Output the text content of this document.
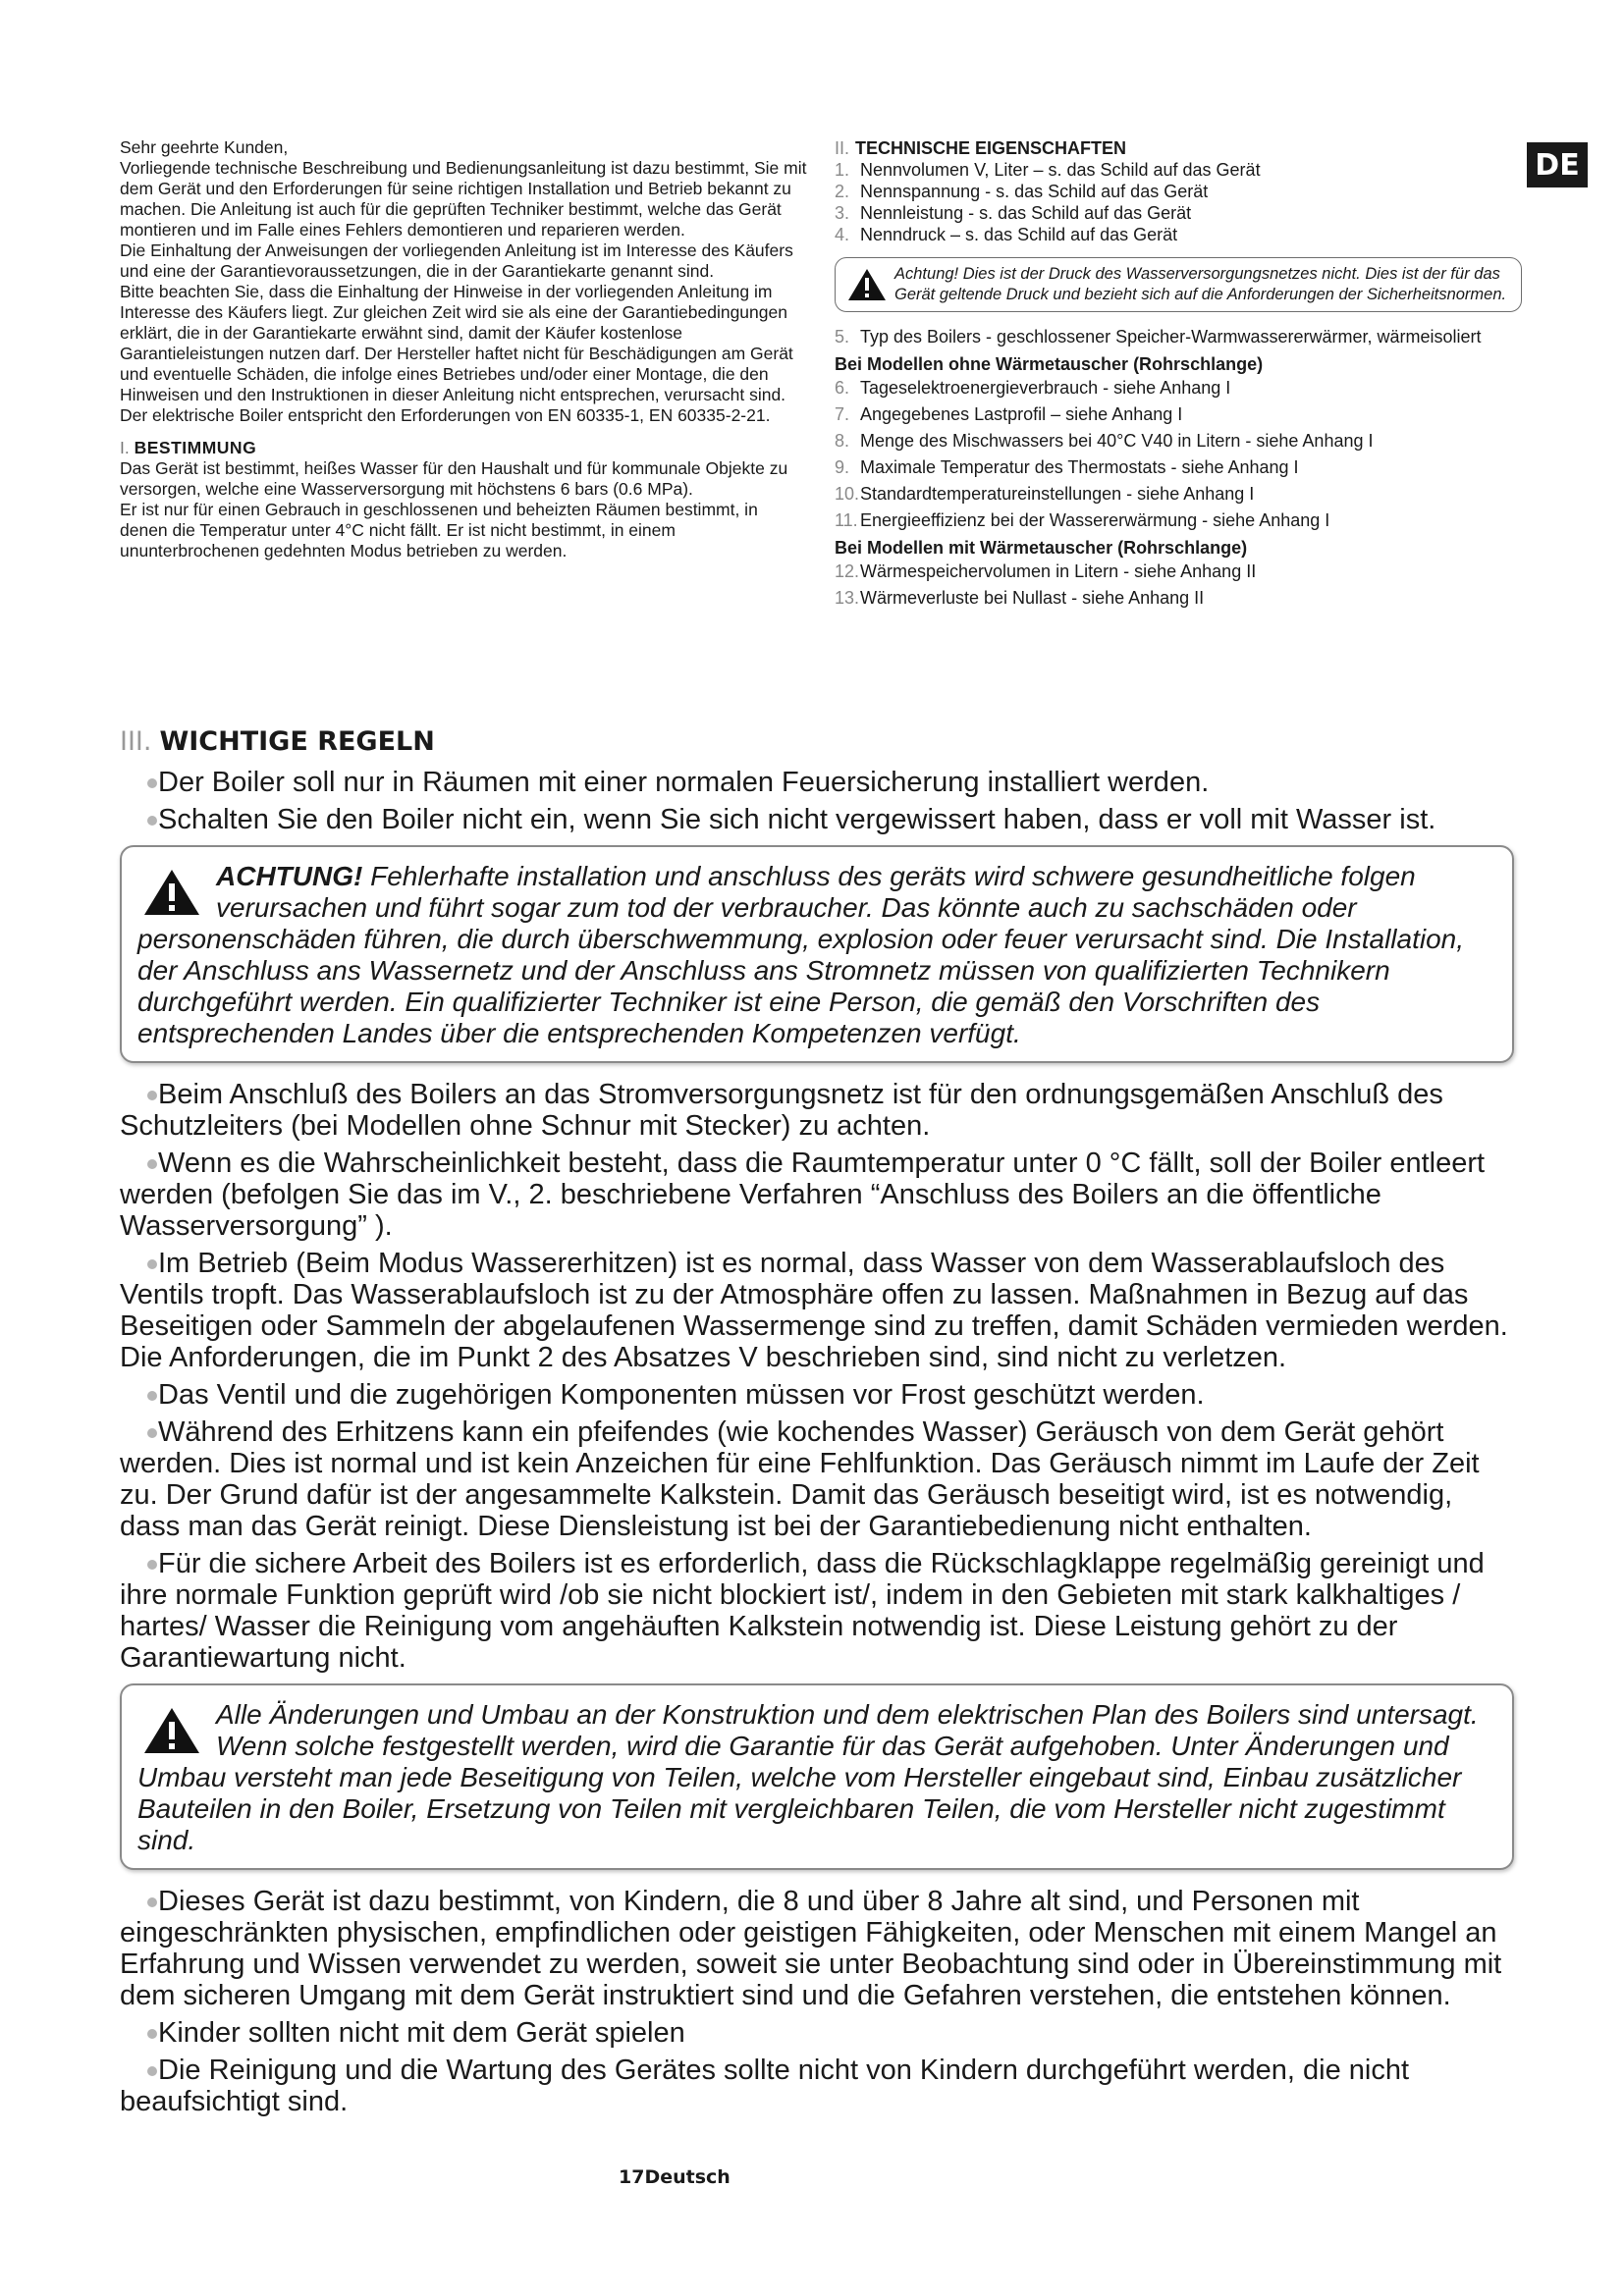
DE

Sehr geehrte Kunden,

Vorliegende technische Beschreibung und Bedienungsanleitung ist dazu bestimmt, Sie mit dem Gerät und den Erforderungen für seine richtigen Installation und Betrieb bekannt zu machen. Die Anleitung ist auch für die geprüften Techniker bestimmt, welche das Gerät montieren und im Falle eines Fehlers demontieren und reparieren werden.

Die Einhaltung der Anweisungen der vorliegenden Anleitung ist im Interesse des Käufers und eine der Garantievoraussetzungen, die in der Garantiekarte genannt sind.

Bitte beachten Sie, dass die Einhaltung der Hinweise in der vorliegenden Anleitung im Interesse des Käufers liegt. Zur gleichen Zeit wird sie als eine der Garantiebedingungen erklärt, die in der Garantiekarte erwähnt sind, damit der Käufer kostenlose Garantieleistungen nutzen darf. Der Hersteller haftet nicht für Beschädigungen am Gerät und eventuelle Schäden, die infolge eines Betriebes und/oder einer Montage, die den Hinweisen und den Instruktionen in dieser Anleitung nicht entsprechen, verursacht sind.

Der elektrische Boiler entspricht den Erforderungen von EN 60335-1, EN 60335-2-21.

I. BESTIMMUNG

Das Gerät ist bestimmt, heißes Wasser für den Haushalt und für kommunale Objekte zu versorgen, welche eine Wasserversorgung mit höchstens 6 bars (0.6 MPa).

Er ist nur für einen Gebrauch in geschlossenen und beheizten Räumen bestimmt, in denen die Temperatur unter 4°C nicht fällt. Er ist nicht bestimmt, in einem ununterbrochenen gedehnten Modus betrieben zu werden.

II. TECHNISCHE EIGENSCHAFTEN

1. Nennvolumen V, Liter – s. das Schild auf das Gerät

2. Nennspannung - s. das Schild auf das Gerät

3. Nennleistung - s. das Schild auf das Gerät

4. Nenndruck – s. das Schild auf das Gerät

Achtung! Dies ist der Druck des Wasserversorgungsnetzes nicht. Dies ist der für das Gerät geltende Druck und bezieht sich auf die Anforderungen der Sicherheitsnormen.

5. Typ des Boilers - geschlossener Speicher-Warmwassererwärmer, wärmeisoliert

Bei Modellen ohne Wärmetauscher (Rohrschlange)

6. Tageselektroenergieverbrauch - siehe Anhang I

7. Angegebenes Lastprofil – siehe Anhang I

8. Menge des Mischwassers bei 40°C V40 in Litern - siehe Anhang I

9. Maximale Temperatur des Thermostats - siehe Anhang I

10.Standardtemperatureinstellungen - siehe Anhang I

11. Energieeffizienz bei der Wassererwärmung - siehe Anhang I

Bei Modellen mit Wärmetauscher (Rohrschlange)

12.Wärmespeichervolumen in Litern - siehe Anhang II

13.Wärmeverluste bei Nullast - siehe Anhang II

III. WICHTIGE REGELN

Der Boiler soll nur in Räumen mit einer normalen Feuersicherung installiert werden.

Schalten Sie den Boiler nicht ein, wenn Sie sich nicht vergewissert haben, dass er voll mit Wasser ist.

ACHTUNG! Fehlerhafte installation und anschluss des geräts wird schwere gesundheitliche folgen verursachen und führt sogar zum tod der verbraucher. Das könnte auch zu sachschäden oder personenschäden führen, die durch überschwemmung, explosion oder feuer verursacht sind. Die Installation, der Anschluss ans Wassernetz und der Anschluss ans Stromnetz müssen von qualifizierten Technikern durchgeführt werden. Ein qualifizierter Techniker ist eine Person, die gemäß den Vorschriften des entsprechenden Landes über die entsprechenden Kompetenzen verfügt.

Beim Anschluß des Boilers an das Stromversorgungsnetz ist für den ordnungsgemäßen Anschluß des Schutzleiters (bei Modellen ohne Schnur mit Stecker) zu achten.

Wenn es die Wahrscheinlichkeit besteht, dass die Raumtemperatur unter 0 °C fällt, soll der Boiler entleert werden (befolgen Sie das im V., 2. beschriebene Verfahren “Anschluss des Boilers an die öffentliche Wasserversorgung” ).

Im Betrieb (Beim Modus Wassererhitzen) ist es normal, dass Wasser von dem Wasserablaufsloch des Ventils tropft. Das Wasserablaufsloch ist zu der Atmosphäre offen zu lassen. Maßnahmen in Bezug auf das Beseitigen oder Sammeln der abgelaufenen Wassermenge sind zu treffen, damit Schäden vermieden werden. Die Anforderungen, die im Punkt 2 des Absatzes V beschrieben sind, sind nicht zu verletzen.

Das Ventil und die zugehörigen Komponenten müssen vor Frost geschützt werden.

Während des Erhitzens kann ein pfeifendes (wie kochendes Wasser) Geräusch von dem Gerät gehört werden. Dies ist normal und ist kein Anzeichen für eine Fehlfunktion. Das Geräusch nimmt im Laufe der Zeit zu. Der Grund dafür ist der angesammelte Kalkstein. Damit das Geräusch beseitigt wird, ist es notwendig, dass man das Gerät reinigt. Diese Diensleistung ist bei der Garantiebedienung nicht enthalten.

Für die sichere Arbeit des Boilers ist es erforderlich, dass die Rückschlagklappe regelmäßig gereinigt und ihre normale Funktion geprüft wird /ob sie nicht blockiert ist/, indem in den Gebieten mit stark kalkhaltiges / hartes/ Wasser die Reinigung vom angehäuften Kalkstein notwendig ist. Diese Leistung gehört zu der Garantiewartung nicht.

Alle Änderungen und Umbau an der Konstruktion und dem elektrischen Plan des Boilers sind untersagt. Wenn solche festgestellt werden, wird die Garantie für das Gerät aufgehoben. Unter Änderungen und Umbau versteht man jede Beseitigung von Teilen, welche vom Hersteller eingebaut sind, Einbau zusätzlicher Bauteilen in den Boiler, Ersetzung von Teilen mit vergleichbaren Teilen, die vom Hersteller nicht zugestimmt sind.

Dieses Gerät ist dazu bestimmt, von Kindern, die 8 und über 8 Jahre alt sind, und Personen mit eingeschränkten physischen, empfindlichen oder geistigen Fähigkeiten, oder Menschen mit einem Mangel an Erfahrung und Wissen verwendet zu werden, soweit sie unter Beobachtung sind oder in Übereinstimmung mit dem sicheren Umgang mit dem Gerät instruktiert sind und die Gefahren verstehen, die entstehen können.

Kinder sollten nicht mit dem Gerät spielen

Die Reinigung und die Wartung des Gerätes sollte nicht von Kindern durchgeführt werden, die nicht beaufsichtigt sind.

17Deutsch
